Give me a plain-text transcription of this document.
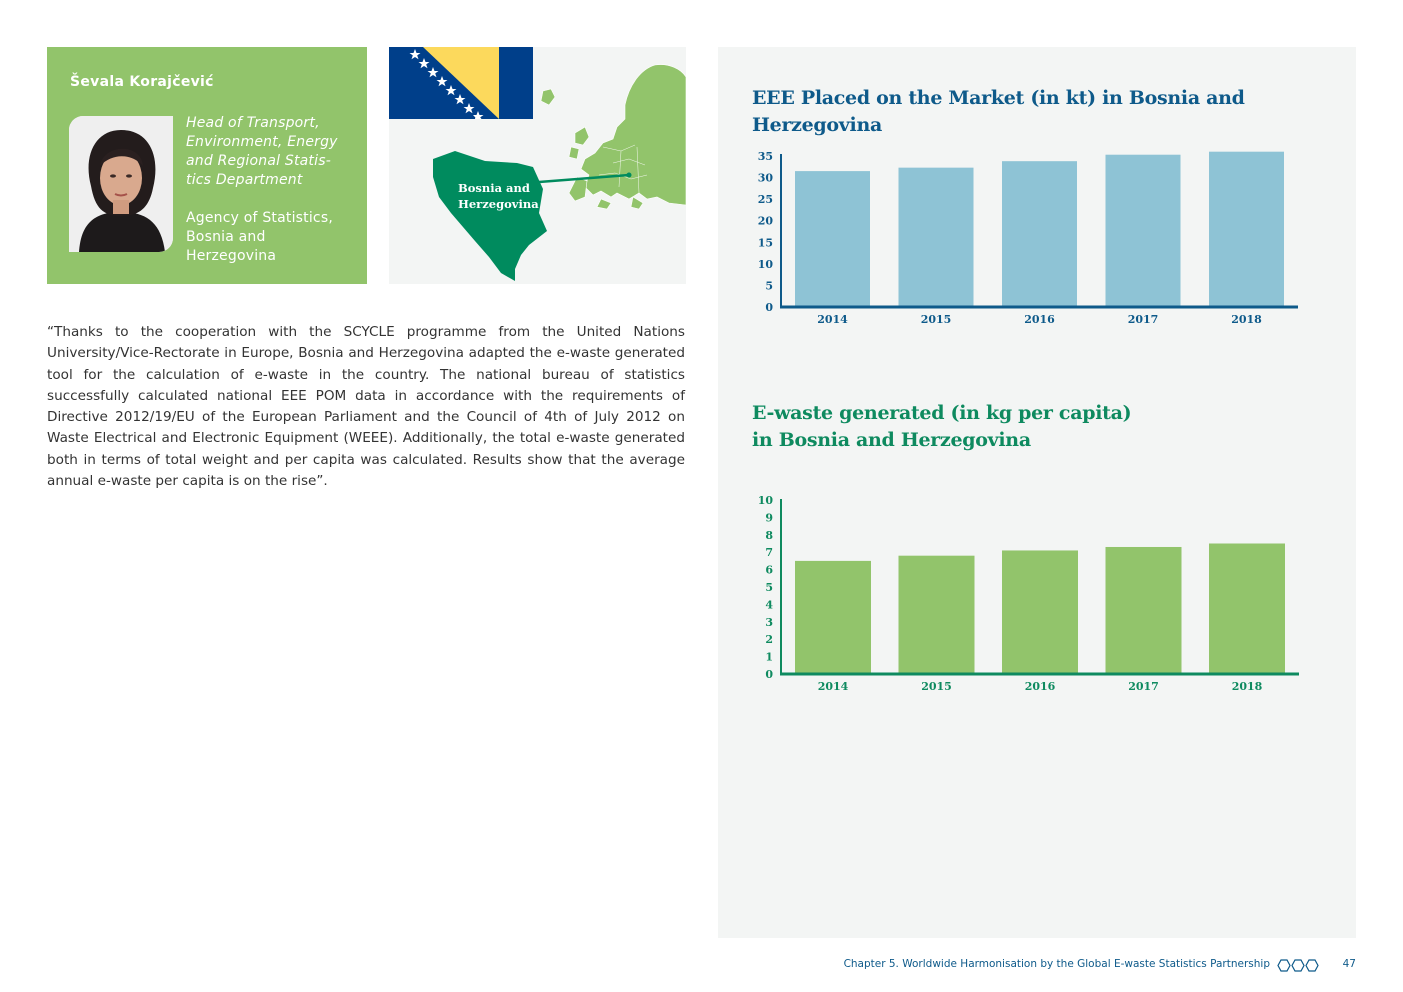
Ševala Korajčević
Head of Transport,
Environment, Energy
and Regional Statis-
tics Department
Agency of Statistics,
Bosnia and
Herzegovina
Bosnia and
Herzegovina

“Thanks to the cooperation with the SCYCLE programme from the United Nations University/Vice-Rectorate in Europe, Bosnia and Herzegovina adapted the e-waste generated tool for the calculation of e-waste in the country. The national bureau of statistics successfully calculated national EEE POM data in accordance with the requirements of Directive 2012/19/EU of the European Parliament and the Council of 4th of July 2012 on Waste Electrical and Electronic Equipment (WEEE). Additionally, the total e-waste generated both in terms of total weight and per capita was calculated. Results show that the average annual e-waste per capita is on the rise”.

EEE Placed on the Market (in kt) in Bosnia and Herzegovina
2014	2015	2016	2017	2018
0
5
10
15
20
25
30
35
E-waste generated (in kg per capita)
in Bosnia and Herzegovina
2014	2015	2016	2017	2018
0
1
2
3
4
5
6
7
8
9
10
Chapter 5. Worldwide Harmonisation by the Global E-waste Statistics Partnership	47
